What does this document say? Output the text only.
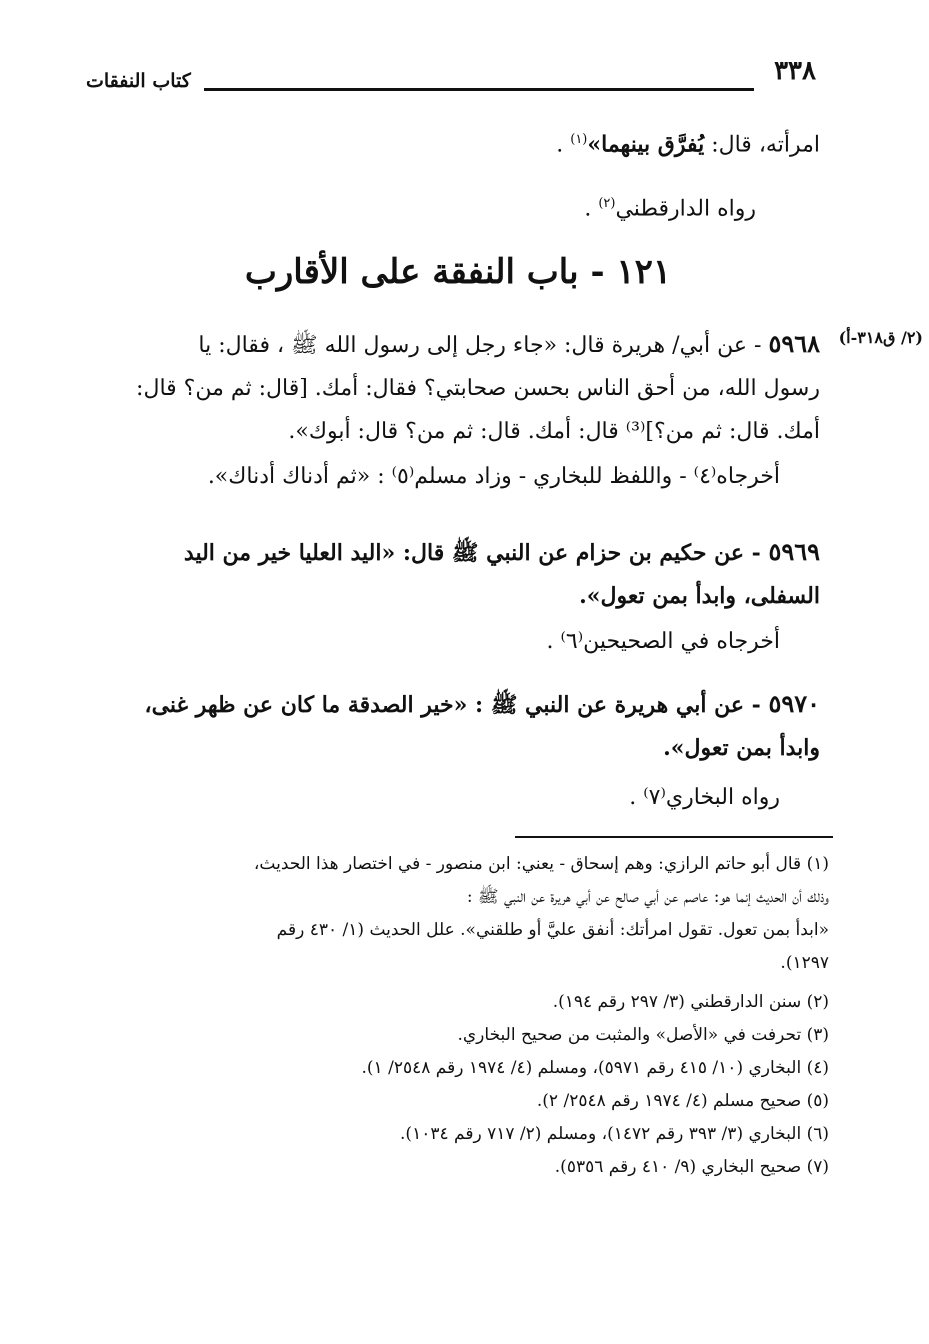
٣٣٨
كتاب النفقات
امرأته، قال: يُفرَّق بينهما»$^{(١)}$ .
رواه الدارقطني$^{(٢)}$ .
١٢١ - باب النفقة على الأقارب
(٢/ ق٣١٨-أ)
٥٩٦٨ - عن أبي/ هريرة قال: «جاء رجل إلى رسول الله ﷺ ، فقال: يا
رسول الله، من أحق الناس بحسن صحابتي؟ فقال: أمك. [قال: ثم من؟ قال:
أمك. قال: ثم من؟]⁽³⁾ قال: أمك. قال: ثم من؟ قال: أبوك».
أخرجاه⁽٤⁾ - واللفظ للبخاري - وزاد مسلم⁽٥⁾ : «ثم أدناك أدناك».
٥٩٦٩ - عن حكيم بن حزام عن النبي ﷺ قال: «اليد العليا خير من اليد
السفلى، وابدأ بمن تعول».
أخرجاه في الصحيحين⁽٦⁾ .
٥٩٧٠ - عن أبي هريرة عن النبي ﷺ : «خير الصدقة ما كان عن ظهر غنى،
وابدأ بمن تعول».
رواه البخاري⁽٧⁾ .
(١) قال أبو حاتم الرازي: وهم إسحاق - يعني: ابن منصور - في اختصار هذا الحديث،
وذلك أن الحديث إنما هو: عاصم عن أبي صالح عن أبي هريرة عن النبي ﷺ :
«ابدأ بمن تعول. تقول امرأتك: أنفق عليَّ أو طلقني». علل الحديث (١/ ٤٣٠ رقم
١٢٩٧).
(٢) سنن الدارقطني (٣/ ٢٩٧ رقم ١٩٤).
(٣) تحرفت في «الأصل» والمثبت من صحيح البخاري.
(٤) البخاري (١٠/ ٤١٥ رقم ٥٩٧١)، ومسلم (٤/ ١٩٧٤ رقم ٢٥٤٨/ ١).
(٥) صحيح مسلم (٤/ ١٩٧٤ رقم ٢٥٤٨/ ٢).
(٦) البخاري (٣/ ٣٩٣ رقم ١٤٧٢)، ومسلم (٢/ ٧١٧ رقم ١٠٣٤).
(٧) صحيح البخاري (٩/ ٤١٠ رقم ٥٣٥٦).
